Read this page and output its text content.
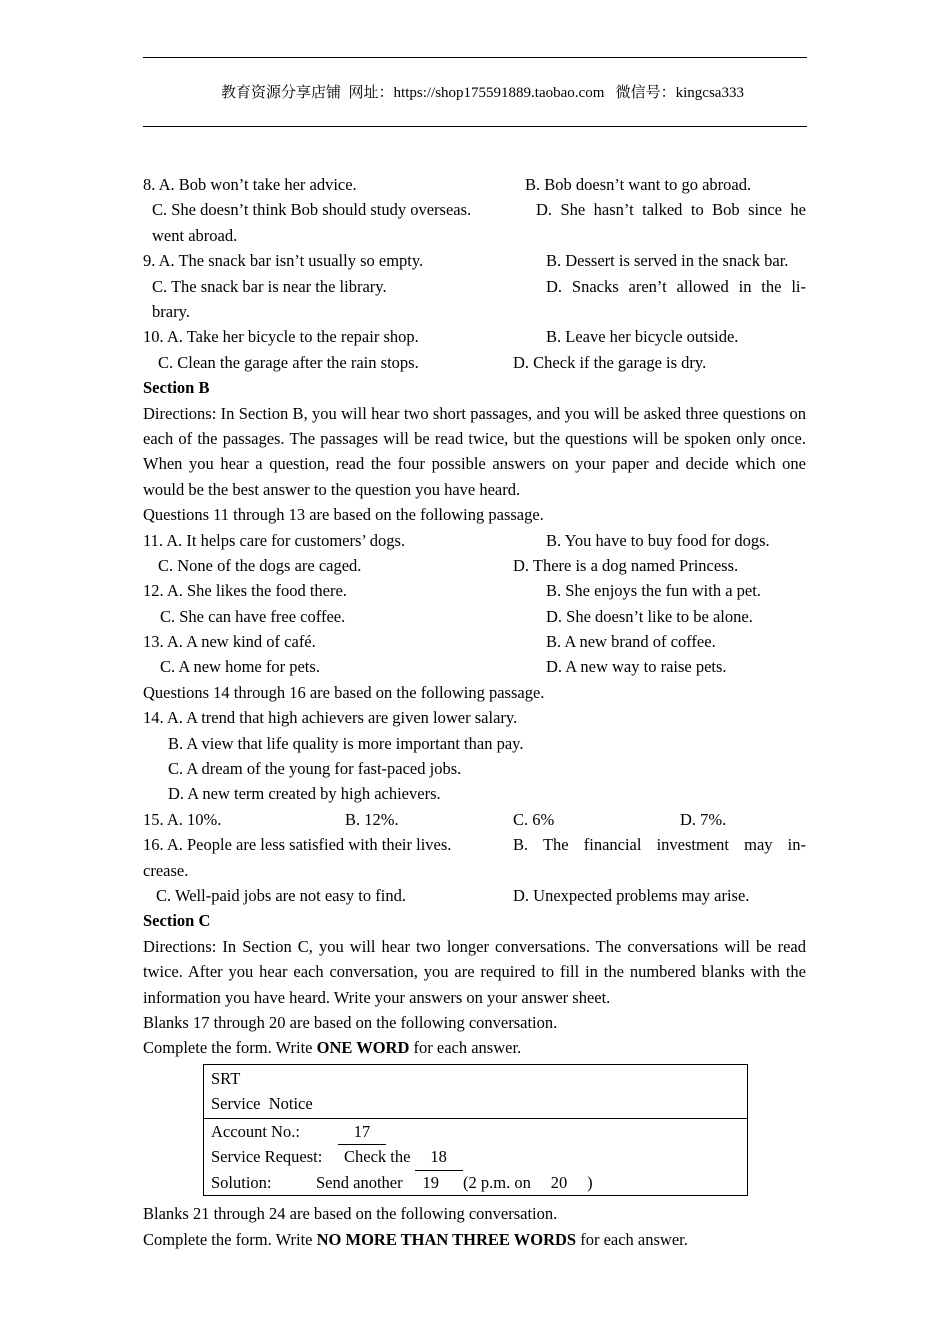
教育资源分享店铺  网址：https://shop175591889.taobao.com   微信号：kingcsa333

8. A. Bob won’t take her advice.	B. Bob doesn’t want to go abroad.
C. She doesn’t think Bob should study overseas.	D. She hasn’t talked to Bob since he
went abroad.
9. A. The snack bar isn’t usually so empty.	B. Dessert is served in the snack bar.
C. The snack bar is near the library.	D. Snacks aren’t allowed in the li-
brary.
10. A. Take her bicycle to the repair shop.	B. Leave her bicycle outside.
C. Clean the garage after the rain stops.	D. Check if the garage is dry.
Section B
Directions: In Section B, you will hear two short passages, and you will be asked three questions on each of the passages. The passages will be read twice, but the questions will be spoken only once. When you hear a question, read the four possible answers on your paper and decide which one would be the best answer to the question you have heard.
Questions 11 through 13 are based on the following passage.
11. A. It helps care for customers’ dogs.	B. You have to buy food for dogs.
C. None of the dogs are caged.	D. There is a dog named Princess.
12. A. She likes the food there.	B. She enjoys the fun with a pet.
C. She can have free coffee.	D. She doesn’t like to be alone.
13. A. A new kind of café.	B. A new brand of coffee.
C. A new home for pets.	D. A new way to raise pets.
Questions 14 through 16 are based on the following passage.
14. A. A trend that high achievers are given lower salary.
B. A view that life quality is more important than pay.
C. A dream of the young for fast-paced jobs.
D. A new term created by high achievers.
15. A. 10%.	B. 12%.	C. 6%	D. 7%.
16. A. People are less satisfied with their lives.	B. The financial investment may in-
crease.
C. Well-paid jobs are not easy to find.	D. Unexpected problems may arise.
Section C
Directions: In Section C, you will hear two longer conversations. The conversations will be read twice. After you hear each conversation, you are required to fill in the numbered blanks with the information you have heard. Write your answers on your answer sheet.
Blanks 17 through 20 are based on the following conversation.
Complete the form. Write ONE WORD for each answer.
SRT
Service  Notice
Account No.:	17
Service Request: Check the 18
Solution:	Send another 19  (2 p.m. on 20 )
Blanks 21 through 24 are based on the following conversation.
Complete the form. Write NO MORE THAN THREE WORDS for each answer.
